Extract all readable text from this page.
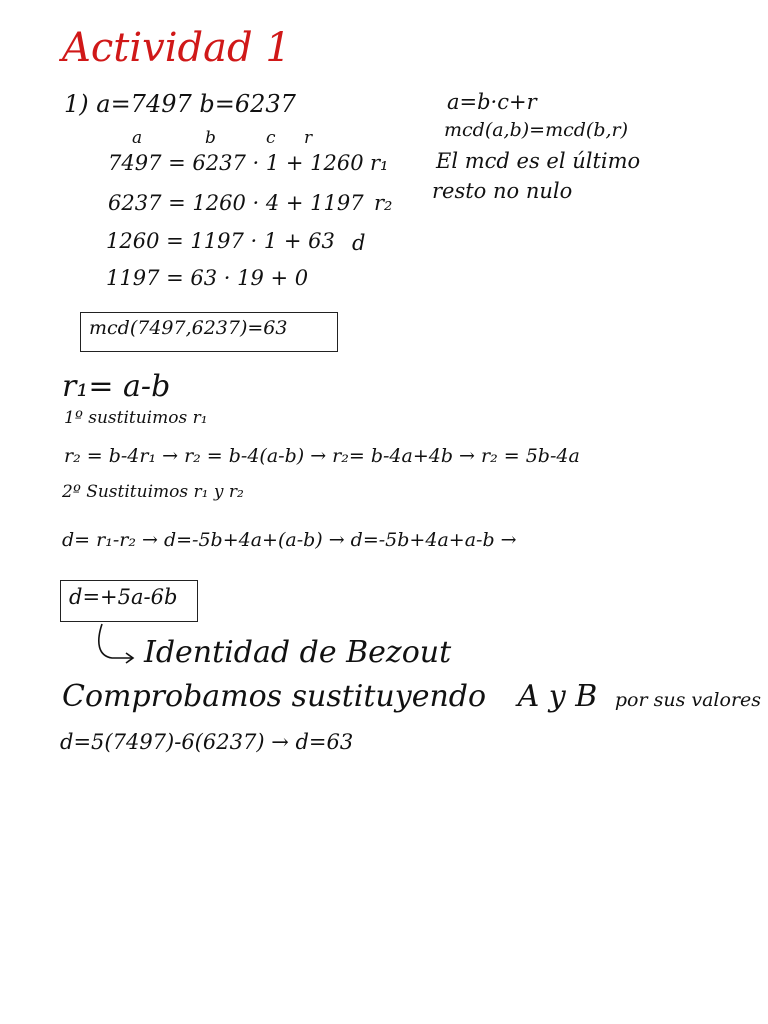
Actividad 1
1) a=7497 b=6237	a=b·c+r
mcd(a,b)=mcd(b,r)
El mcd es el último
resto no nulo
a	b	c r
7497 = 6237 · 1 + 1260 r₁
6237 = 1260 · 4 + 1197 r₂
1260 = 1197 · 1 + 63 d
1197 = 63 · 19 + 0
mcd(7497,6237)=63
r₁= a-b
1º sustituimos r₁
r₂ = b-4r₁ → r₂ = b-4(a-b) → r₂= b-4a+4b → r₂ = 5b-4a
2º Sustituimos r₁ y r₂
d= r₁-r₂ → d=-5b+4a+(a-b) → d=-5b+4a+a-b →
d=+5a-6b
Identidad de Bezout
Comprobamos sustituyendo A y B por sus valores
d=5(7497)-6(6237) → d=63
